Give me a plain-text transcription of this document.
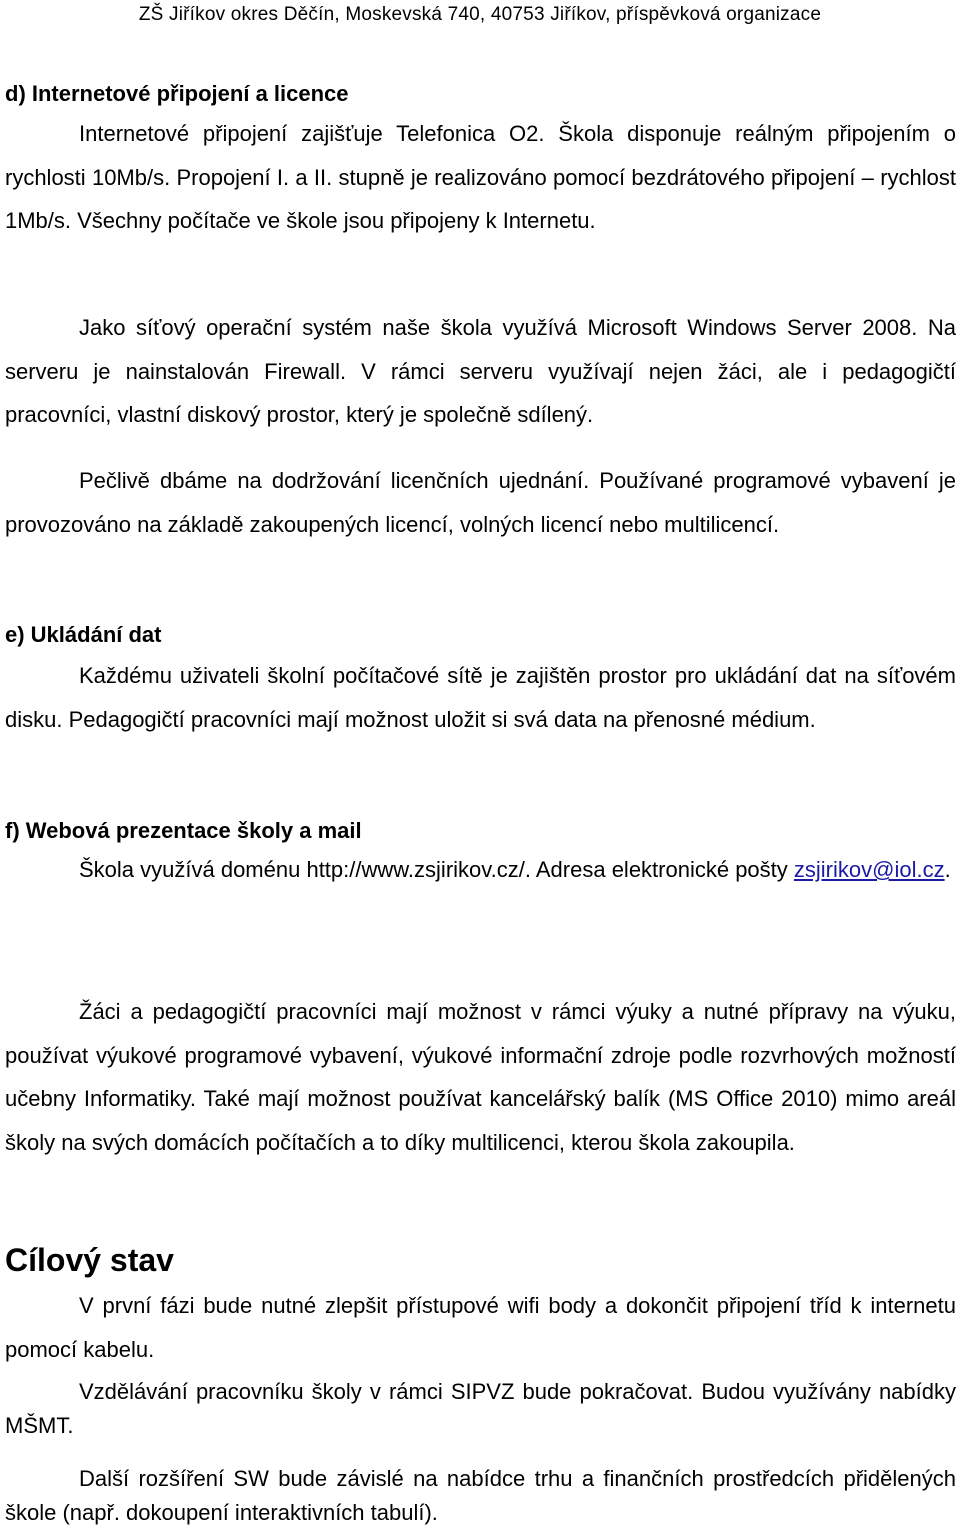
ZŠ Jiříkov okres Děčín, Moskevská 740, 40753 Jiříkov, příspěvková organizace
d) Internetové připojení a licence
Internetové připojení zajišťuje Telefonica O2. Škola disponuje reálným připojením o rychlosti 10Mb/s. Propojení I. a II. stupně je realizováno pomocí bezdrátového připojení – rychlost 1Mb/s. Všechny počítače ve škole jsou připojeny k Internetu.
Jako síťový operační systém naše škola využívá Microsoft Windows Server 2008. Na serveru je nainstalován Firewall. V rámci serveru využívají nejen žáci, ale i pedagogičtí pracovníci, vlastní diskový prostor, který je společně sdílený.
Pečlivě dbáme na dodržování licenčních ujednání. Používané programové vybavení je provozováno na základě zakoupených licencí, volných licencí nebo multilicencí.
e) Ukládání dat
Každému uživateli školní počítačové sítě je zajištěn prostor pro ukládání dat na síťovém disku. Pedagogičtí pracovníci mají možnost uložit si svá data na přenosné médium.
f) Webová prezentace školy a mail
Škola využívá doménu http://www.zsjirikov.cz/. Adresa elektronické pošty zsjirikov@iol.cz.
Žáci a pedagogičtí pracovníci mají možnost v rámci výuky a nutné přípravy na výuku, používat výukové programové vybavení, výukové informační zdroje podle rozvrhových možností učebny Informatiky. Také mají možnost používat kancelářský balík (MS Office 2010) mimo areál školy na svých domácích počítačích a to díky multilicenci, kterou škola zakoupila.
Cílový stav
V první fázi bude nutné zlepšit přístupové wifi body a dokončit připojení tříd k internetu pomocí kabelu.
Vzdělávání pracovníku školy v rámci SIPVZ bude pokračovat. Budou využívány nabídky MŠMT.
Další rozšíření SW bude závislé na nabídce trhu a finančních prostředcích přidělených škole (např. dokoupení interaktivních tabulí).
